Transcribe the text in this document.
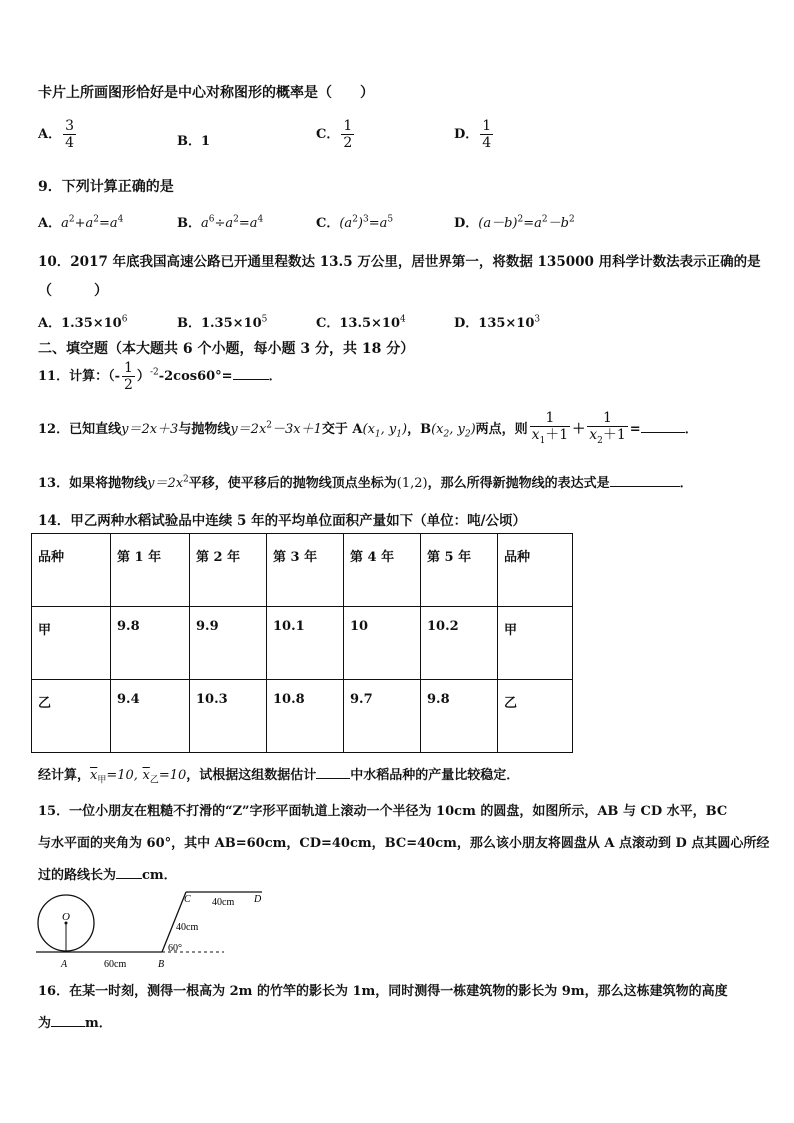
卡片上所画图形恰好是中心对称图形的概率是（　　）
A． $\frac{3}{4}$	B．1	C． $\frac{1}{2}$	D． $\frac{1}{4}$
9．下列计算正确的是
A．$a^2+a^2=a^4$	B．$a^6\div a^2=a^4$	C．$(a^2)^3=a^5$	D．$(a-b)^2=a^2-b^2$
10．2017 年底我国高速公路已开通里程数达 13.5 万公里，居世界第一，将数据 135000 用科学计数法表示正确的是
（　　　）
A．$1.35\times 10^6$	B．$1.35\times 10^5$	C．$13.5\times 10^4$	D．$135\times 10^3$
二、填空题（本大题共 6 个小题，每小题 3 分，共 18 分）
11．计算：（- $\frac{1}{2} )^{-2}-2\cos 60^\circ=$	．
12．已知直线y＝2x＋3与抛物线$y=2x^2-3x+1$交于 $A(x_1$, $y_1$)，$B(x_2$, $y_2$)两点，则 $\frac{1}{x_1+1} + \frac{1}{x_2+1}$ =	．
13．如果将抛物线$y=2x^2$平移，使平移后的抛物线顶点坐标为(1,2)，那么所得新抛物线的表达式是	．
14．甲乙两种水稻试验品中连续 5 年的平均单位面积产量如下（单位：吨/公顷）
品种	第 1 年	第 2 年	第 3 年	第 4 年	第 5 年	品种
甲	9.8	9.9	10.1	10	10.2	甲
乙	9.4	10.3	10.8	9.7	9.8	乙
经计算，$\overline{x}_甲=10$, $\overline{x}_乙=10$，试根据这组数据估计	中水稻品种的产量比较稳定．
15．一位小朋友在粗糙不打滑的“Z”字形平面轨道上滚动一个半径为 10cm 的圆盘，如图所示，AB 与 CD 水平，BC
与水平面的夹角为 60°，其中 AB=60cm，CD=40cm，BC=40cm，那么该小朋友将圆盘从 A 点滚动到 D 点其圆心所经
过的路线长为 cm．
O
A	B
C	D
60cm
40cm
40cm
60°
16．在某一时刻，测得一根高为 2m 的竹竿的影长为 1m，同时测得一栋建筑物的影长为 9m，那么这栋建筑物的高度
为	m．
